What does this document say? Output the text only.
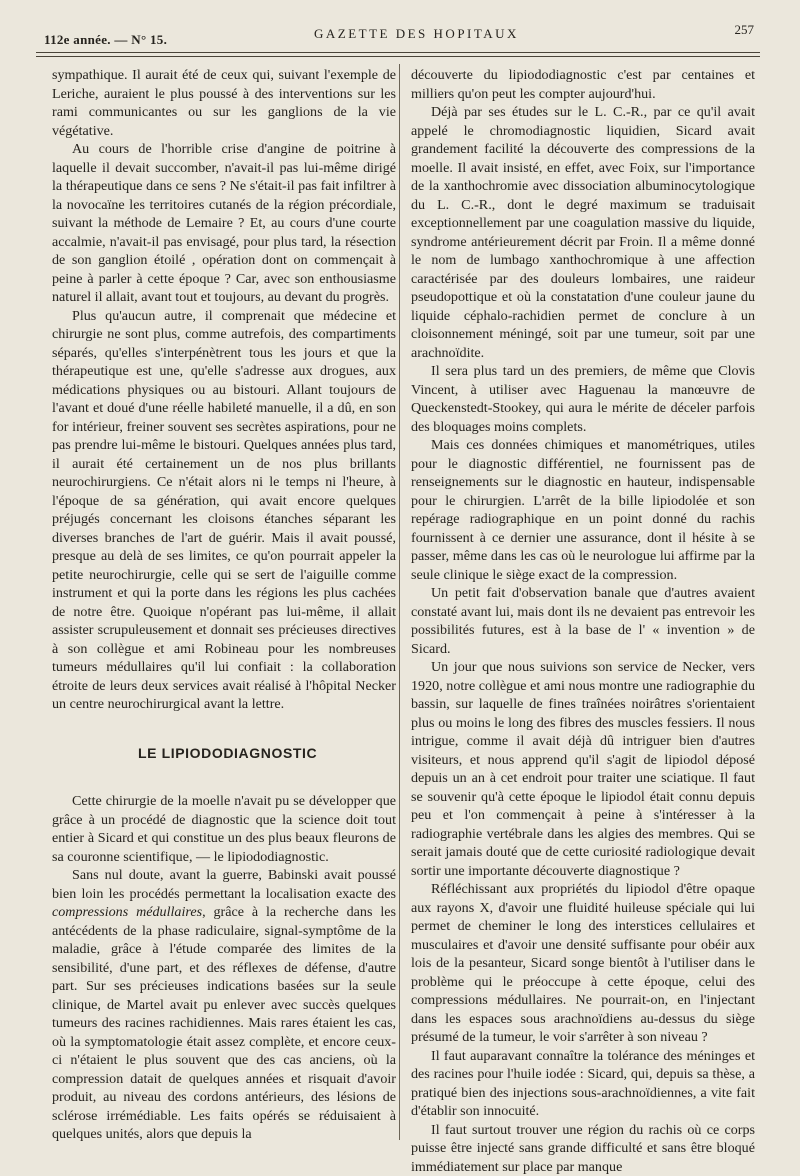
112e année. — N° 15.	GAZETTE DES HOPITAUX	257

sympathique. Il aurait été de ceux qui, suivant l'exemple de Leriche, auraient le plus poussé à des interventions sur les rami communicantes ou sur les ganglions de la vie végétative.

Au cours de l'horrible crise d'angine de poitrine à laquelle il devait succomber, n'avait-il pas lui-même dirigé la thérapeutique dans ce sens ? Ne s'était-il pas fait infiltrer à la novocaïne les territoires cutanés de la région précordiale, suivant la méthode de Lemaire ? Et, au cours d'une courte accalmie, n'avait-il pas envisagé, pour plus tard, la résection de son ganglion étoilé , opération dont on commençait à peine à parler à cette époque ? Car, avec son enthousiasme naturel il allait, avant tout et toujours, au devant du progrès.

Plus qu'aucun autre, il comprenait que médecine et chirurgie ne sont plus, comme autrefois, des compartiments séparés, qu'elles s'interpénètrent tous les jours et que la thérapeutique est une, qu'elle s'adresse aux drogues, aux médications physiques ou au bistouri. Allant toujours de l'avant et doué d'une réelle habileté manuelle, il a dû, en son for intérieur, freiner souvent ses secrètes aspirations, pour ne pas prendre lui-même le bistouri. Quelques années plus tard, il aurait été certainement un de nos plus brillants neurochirurgiens. Ce n'était alors ni le temps ni l'heure, à l'époque de sa génération, qui avait encore quelques préjugés concernant les cloisons étanches séparant les diverses branches de l'art de guérir. Mais il avait poussé, presque au delà de ses limites, ce qu'on pourrait appeler la petite neurochirurgie, celle qui se sert de l'aiguille comme instrument et qui la porte dans les régions les plus cachées de notre être. Quoique n'opérant pas lui-même, il allait assister scrupuleusement et donnait ses précieuses directives à son collègue et ami Robineau pour les nombreuses tumeurs médullaires qu'il lui confiait : la collaboration étroite de leurs deux services avait réalisé à l'hôpital Necker un centre neurochirurgical avant la lettre.

LE LIPIODODIAGNOSTIC

Cette chirurgie de la moelle n'avait pu se développer que grâce à un procédé de diagnostic que la science doit tout entier à Sicard et qui constitue un des plus beaux fleurons de sa couronne scientifique, — le lipiododiagnostic.

Sans nul doute, avant la guerre, Babinski avait poussé bien loin les procédés permettant la localisation exacte des compressions médullaires, grâce à la recherche dans les antécédents de la phase radiculaire, signal-symptôme de la maladie, grâce à l'étude comparée des limites de la sensibilité, d'une part, et des réflexes de défense, d'autre part. Sur ses précieuses indications basées sur la seule clinique, de Martel avait pu enlever avec succès quelques tumeurs des racines rachidiennes. Mais rares étaient les cas, où la symptomatologie était assez complète, et encore ceux-ci n'étaient le plus souvent que des cas anciens, où la compression datait de quelques années et risquait d'avoir produit, au niveau des cordons antérieurs, des lésions de sclérose irrémédiable. Les faits opérés se réduisaient à quelques unités, alors que depuis la

découverte du lipiododiagnostic c'est par centaines et milliers qu'on peut les compter aujourd'hui.

Déjà par ses études sur le L. C.-R., par ce qu'il avait appelé le chromodiagnostic liquidien, Sicard avait grandement facilité la découverte des compressions de la moelle. Il avait insisté, en effet, avec Foix, sur l'importance de la xanthochromie avec dissociation albuminocytologique du L. C.-R., dont le degré maximum se traduisait exceptionnellement par une coagulation massive du liquide, syndrome antérieurement décrit par Froin. Il a même donné le nom de lumbago xanthochromique à une affection caractérisée par des douleurs lombaires, une raideur pseudopottique et où la constatation d'une couleur jaune du liquide céphalo-rachidien permet de conclure à un cloisonnement méningé, soit par une tumeur, soit par une arachnoïdite.

Il sera plus tard un des premiers, de même que Clovis Vincent, à utiliser avec Haguenau la manœuvre de Queckenstedt-Stookey, qui aura le mérite de déceler parfois des bloquages moins complets.

Mais ces données chimiques et manométriques, utiles pour le diagnostic différentiel, ne fournissent pas de renseignements sur le diagnostic en hauteur, indispensable pour le chirurgien. L'arrêt de la bille lipiodolée et son repérage radiographique en un point donné du rachis fournissent à ce dernier une assurance, dont il hésite à se passer, même dans les cas où le neurologue lui affirme par la seule clinique le siège exact de la compression.

Un petit fait d'observation banale que d'autres avaient constaté avant lui, mais dont ils ne devaient pas entrevoir les possibilités futures, est à la base de l' « invention » de Sicard.

Un jour que nous suivions son service de Necker, vers 1920, notre collègue et ami nous montre une radiographie du bassin, sur laquelle de fines traînées noirâtres s'orientaient plus ou moins le long des fibres des muscles fessiers. Il nous intrigue, comme il avait déjà dû intriguer bien d'autres visiteurs, et nous apprend qu'il s'agit de lipiodol déposé depuis un an à cet endroit pour traiter une sciatique. Il faut se souvenir qu'à cette époque le lipiodol était connu depuis peu et l'on commençait à peine à s'intéresser à la radiographie vertébrale dans les algies des membres. Qui se serait jamais douté que de cette curiosité radiologique devait sortir une importante découverte diagnostique ?

Réfléchissant aux propriétés du lipiodol d'être opaque aux rayons X, d'avoir une fluidité huileuse spéciale qui lui permet de cheminer le long des interstices cellulaires et musculaires et d'avoir une densité suffisante pour obéir aux lois de la pesanteur, Sicard songe bientôt à l'utiliser dans le problème qui le préoccupe à cette époque, celui des compressions médullaires. Ne pourrait-on, en l'injectant dans les espaces sous arachnoïdiens au-dessus du siège présumé de la tumeur, le voir s'arrêter à son niveau ?

Il faut auparavant connaître la tolérance des méninges et des racines pour l'huile iodée : Sicard, qui, depuis sa thèse, a pratiqué bien des injections sous-arachnoïdiennes, a vite fait d'établir son innocuité.

Il faut surtout trouver une région du rachis où ce corps puisse être injecté sans grande difficulté et sans être bloqué immédiatement sur place par manque
